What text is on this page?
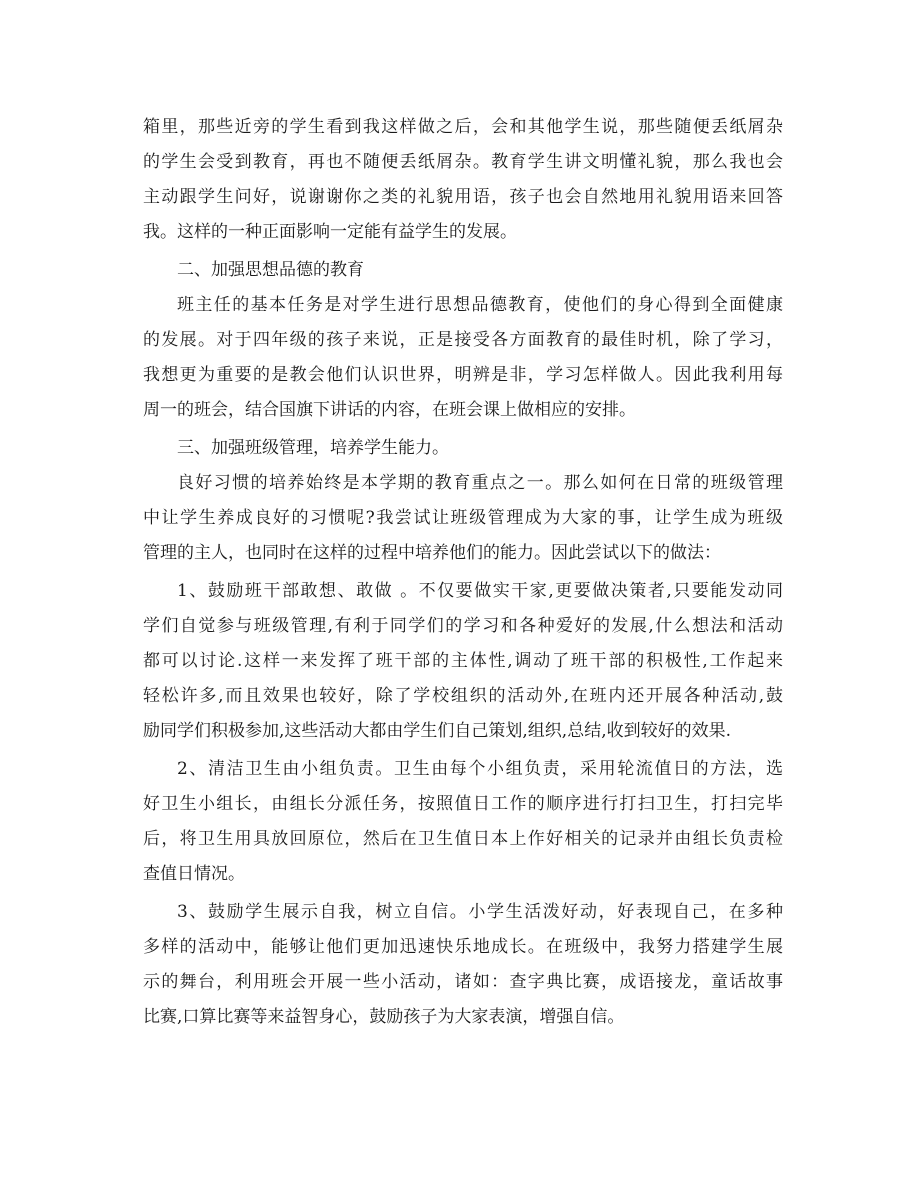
箱里，那些近旁的学生看到我这样做之后，会和其他学生说，那些随便丢纸屑杂
的学生会受到教育，再也不随便丢纸屑杂。教育学生讲文明懂礼貌，那么我也会
主动跟学生问好，说谢谢你之类的礼貌用语，孩子也会自然地用礼貌用语来回答
我。这样的一种正面影响一定能有益学生的发展。
二、加强思想品德的教育
班主任的基本任务是对学生进行思想品德教育，使他们的身心得到全面健康
的发展。对于四年级的孩子来说，正是接受各方面教育的最佳时机，除了学习，
我想更为重要的是教会他们认识世界，明辨是非，学习怎样做人。因此我利用每
周一的班会，结合国旗下讲话的内容，在班会课上做相应的安排。
三、加强班级管理，培养学生能力。
良好习惯的培养始终是本学期的教育重点之一。那么如何在日常的班级管理
中让学生养成良好的习惯呢?我尝试让班级管理成为大家的事，让学生成为班级
管理的主人，也同时在这样的过程中培养他们的能力。因此尝试以下的做法：
1、鼓励班干部敢想、敢做 。不仅要做实干家,更要做决策者,只要能发动同
学们自觉参与班级管理,有利于同学们的学习和各种爱好的发展,什么想法和活动
都可以讨论.这样一来发挥了班干部的主体性,调动了班干部的积极性,工作起来
轻松许多,而且效果也较好，除了学校组织的活动外,在班内还开展各种活动,鼓
励同学们积极参加,这些活动大都由学生们自己策划,组织,总结,收到较好的效果.
2、清洁卫生由小组负责。卫生由每个小组负责，采用轮流值日的方法，选
好卫生小组长，由组长分派任务，按照值日工作的顺序进行打扫卫生，打扫完毕
后，将卫生用具放回原位，然后在卫生值日本上作好相关的记录并由组长负责检
查值日情况。
3、鼓励学生展示自我，树立自信。小学生活泼好动，好表现自己，在多种
多样的活动中，能够让他们更加迅速快乐地成长。在班级中，我努力搭建学生展
示的舞台，利用班会开展一些小活动，诸如：查字典比赛，成语接龙，童话故事
比赛,口算比赛等来益智身心，鼓励孩子为大家表演，增强自信。
